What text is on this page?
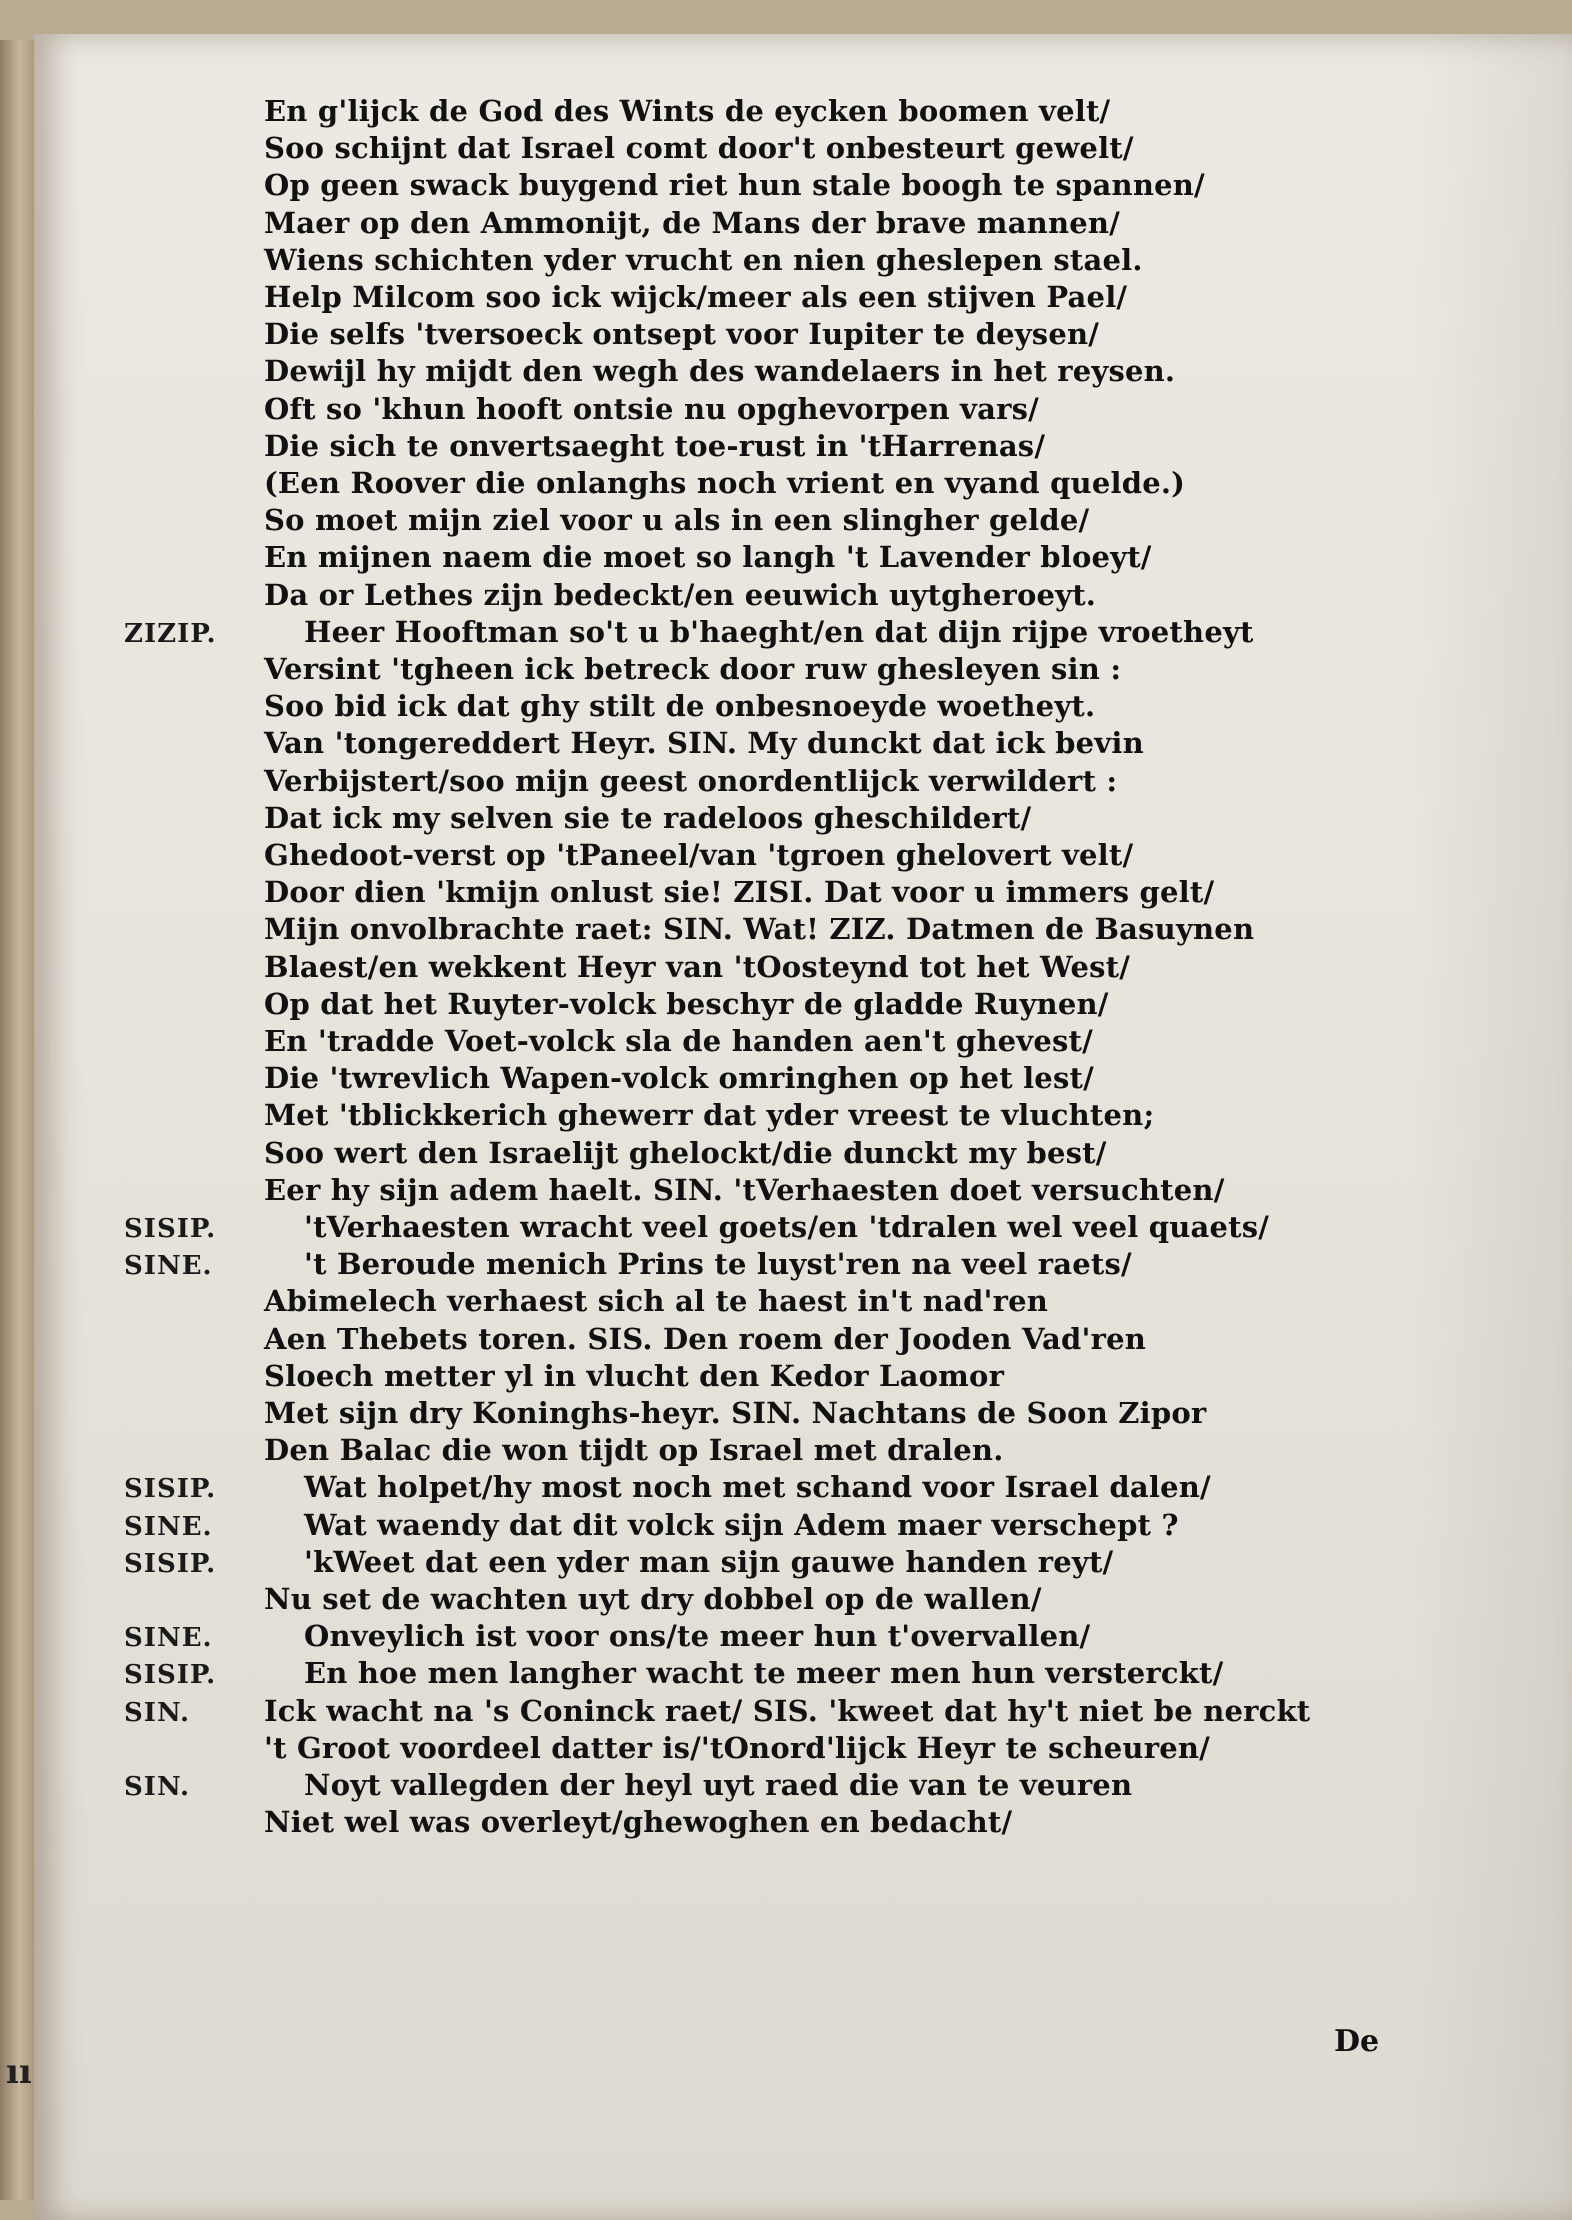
ıı
En g'lijck de God des Wints de eycken boomen velt/
Soo schijnt dat Israel comt door't onbesteurt gewelt/
Op geen swack buygend riet hun stale boogh te spannen/
Maer op den Ammonijt, de Mans der brave mannen/
Wiens schichten yder vrucht en nien gheslepen stael.
Help Milcom soo ick wijck/meer als een stijven Pael/
Die selfs 'tversoeck ontsept voor Iupiter te deysen/
Dewijl hy mijdt den wegh des wandelaers in het reysen.
Oft so 'khun hooft ontsie nu opghevorpen vars/
Die sich te onvertsaeght toe-rust in 'tHarrenas/
(Een Roover die onlanghs noch vrient en vyand quelde.)
So moet mijn ziel voor u als in een slingher gelde/
En mijnen naem die moet so langh 't Lavender bloeyt/
Da or Lethes zijn bedeckt/en eeuwich uytgheroeyt.
Heer Hooftman so't u b'haeght/en dat dijn rijpe vroetheyt
Versint 'tgheen ick betreck door ruw ghesleyen sin :
Soo bid ick dat ghy stilt de onbesnoeyde woetheyt.
Van 'tongereddert Heyr. SIN. My dunckt dat ick bevin
Verbijstert/soo mijn geest onordentlijck verwildert :
Dat ick my selven sie te radeloos gheschildert/
Ghedoot-verst op 'tPaneel/van 'tgroen ghelovert velt/
Door dien 'kmijn onlust sie! ZISI. Dat voor u immers gelt/
Mijn onvolbrachte raet: SIN. Wat! ZIZ. Datmen de Basuynen
Blaest/en wekkent Heyr van 'tOosteynd tot het West/
Op dat het Ruyter-volck beschyr de gladde Ruynen/
En 'tradde Voet-volck sla de handen aen't ghevest/
Die 'twrevlich Wapen-volck omringhen op het lest/
Met 'tblickkerich ghewerr dat yder vreest te vluchten;
Soo wert den Israelijt ghelockt/die dunckt my best/
Eer hy sijn adem haelt. SIN. 'tVerhaesten doet versuchten/
'tVerhaesten wracht veel goets/en 'tdralen wel veel quaets/
't Beroude menich Prins te luyst'ren na veel raets/
Abimelech verhaest sich al te haest in't nad'ren
Aen Thebets toren. SIS. Den roem der Jooden Vad'ren
Sloech metter yl in vlucht den Kedor Laomor
Met sijn dry Koninghs-heyr. SIN. Nachtans de Soon Zipor
Den Balac die won tijdt op Israel met dralen.
Wat holpet/hy most noch met schand voor Israel dalen/
Wat waendy dat dit volck sijn Adem maer verschept ?
'kWeet dat een yder man sijn gauwe handen reyt/
Nu set de wachten uyt dry dobbel op de wallen/
Onveylich ist voor ons/te meer hun t'overvallen/
En hoe men langher wacht te meer men hun versterckt/
Ick wacht na 's Coninck raet/ SIS. 'kweet dat hy't niet be nerckt
't Groot voordeel datter is/'tOnord'lijck Heyr te scheuren/
Noyt vallegden der heyl uyt raed die van te veuren
Niet wel was overleyt/ghewoghen en bedacht/
ZIZIP.
SISIP.
SINE.
SISIP.
SINE.
SISIP.
SINE.
SISIP.
SIN.
SIN.
De
